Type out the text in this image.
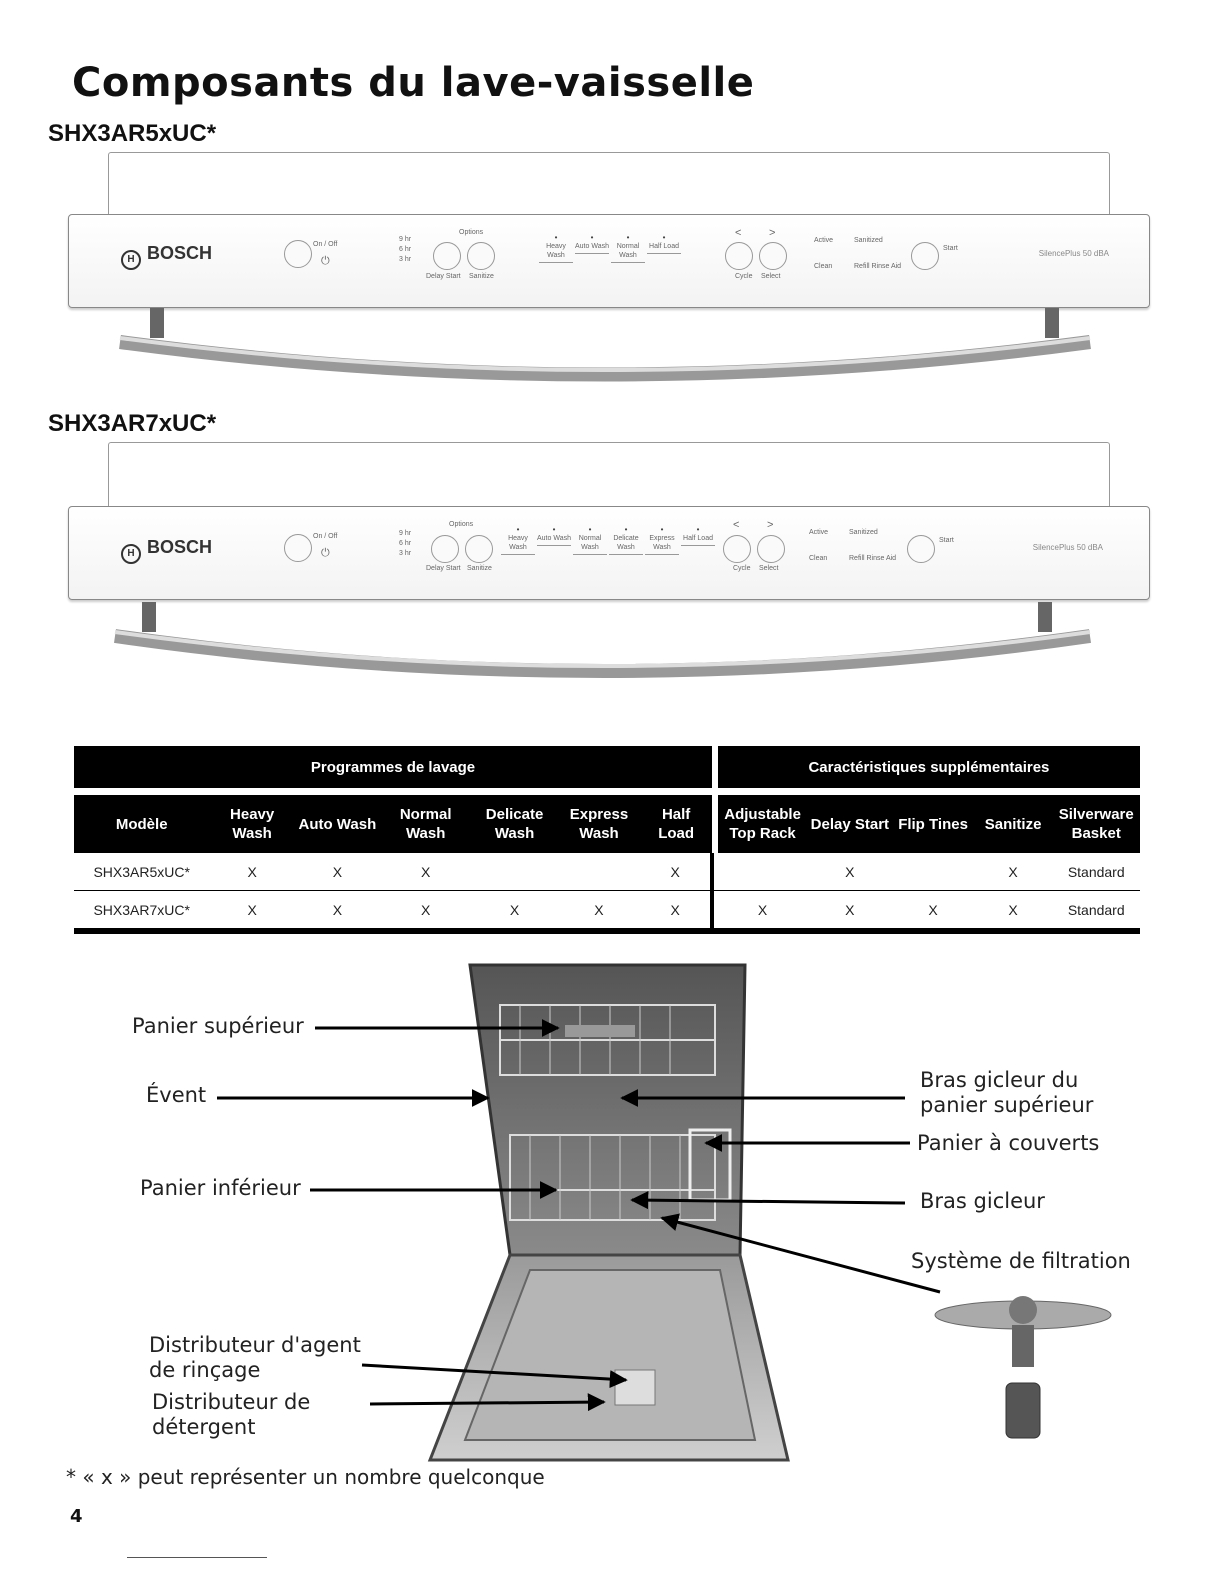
Composants du lave-vaisselle
SHX3AR5xUC*
H BOSCH	On / Off
⏻
9 hr
6 hr
3 hr
Options
Delay Start Sanitize
• Heavy Wash
• Auto Wash	• Normal Wash
• Half Load
<	>
Cycle Select
Active	Sanitized
Clean	Refill Rinse Aid
Start
SilencePlus 50 dBA
SHX3AR7xUC*
H BOSCH
On / Off
⏻
9 hr
6 hr
3 hr
Options
Delay Start Sanitize
• Heavy Wash
• Auto Wash	• Normal Wash
• Delicate Wash
• Express Wash
• Half Load
<	>
Cycle Select
Active	Sanitized
Clean	Refill Rinse Aid
Start
SilencePlus 50 dBA
Programmes de lavage								Caractéristiques supplémentaires				

Modèle	Heavy Wash	Auto Wash	Normal Wash	Delicate Wash	Express Wash	Half Load		Adjustable Top Rack	Delay Start	Flip Tines	Sanitize	Silverware Basket
SHX3AR5xUC*	X	X	X			X			X		X	Standard
SHX3AR7xUC*	X	X	X	X	X	X		X	X	X	X	Standard
Panier supérieur
Évent
Panier inférieur
Bras gicleur du panier supérieur
Panier à couverts
Bras gicleur
Système de filtration
Distributeur d'agent de rinçage
Distributeur de détergent
* « x » peut représenter un nombre quelconque
4
